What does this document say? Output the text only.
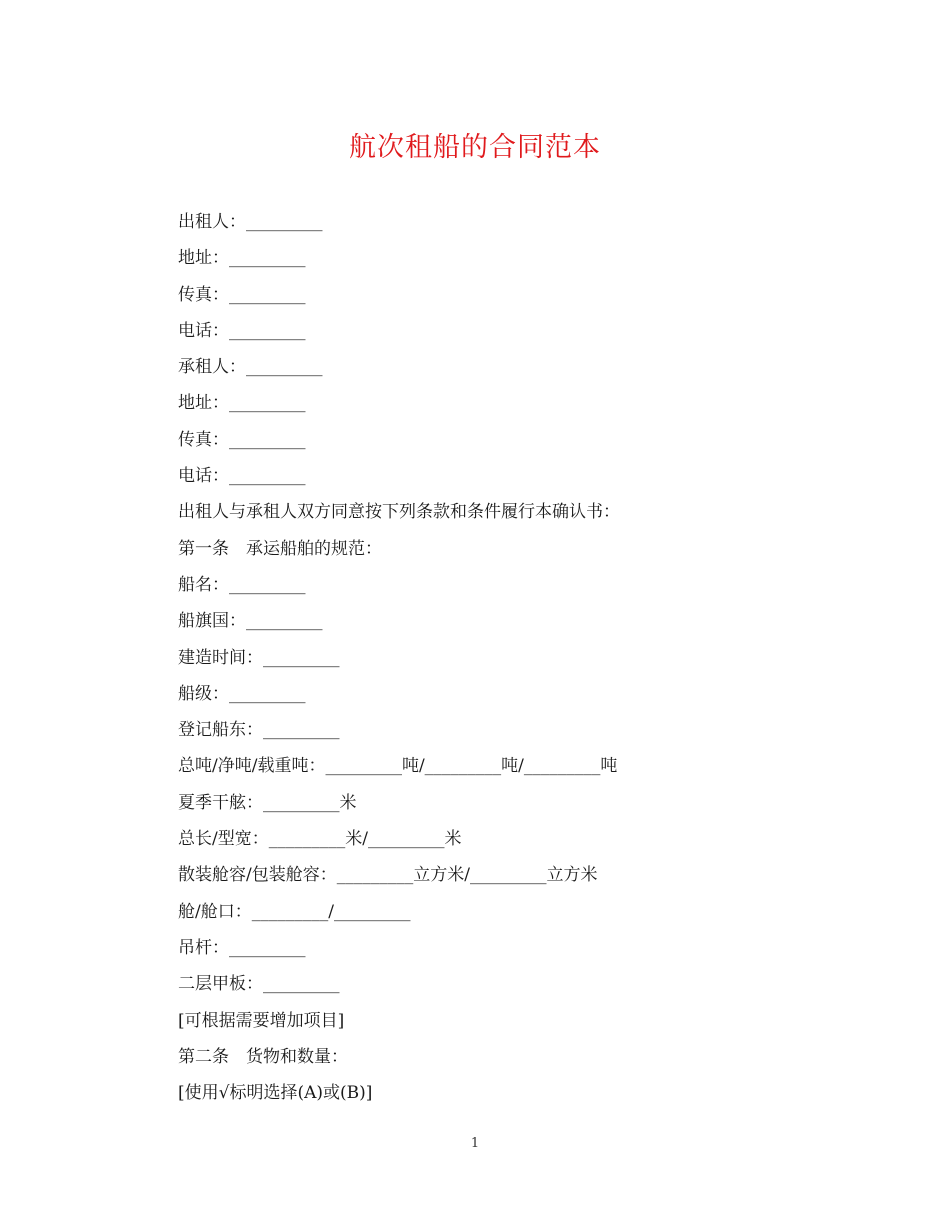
航次租船的合同范本
出租人：_________
地址：_________
传真：_________
电话：_________
承租人：_________
地址：_________
传真：_________
电话：_________
出租人与承租人双方同意按下列条款和条件履行本确认书：
第一条　承运船舶的规范：
船名：_________
船旗国：_________
建造时间：_________
船级：_________
登记船东：_________
总吨/净吨/载重吨：_________吨/_________吨/_________吨
夏季干舷：_________米
总长/型宽：_________米/_________米
散装舱容/包装舱容：_________立方米/_________立方米
舱/舱口：_________/_________
吊杆：_________
二层甲板：_________
[可根据需要增加项目]
第二条　货物和数量：
[使用√标明选择(A)或(B)]
1
